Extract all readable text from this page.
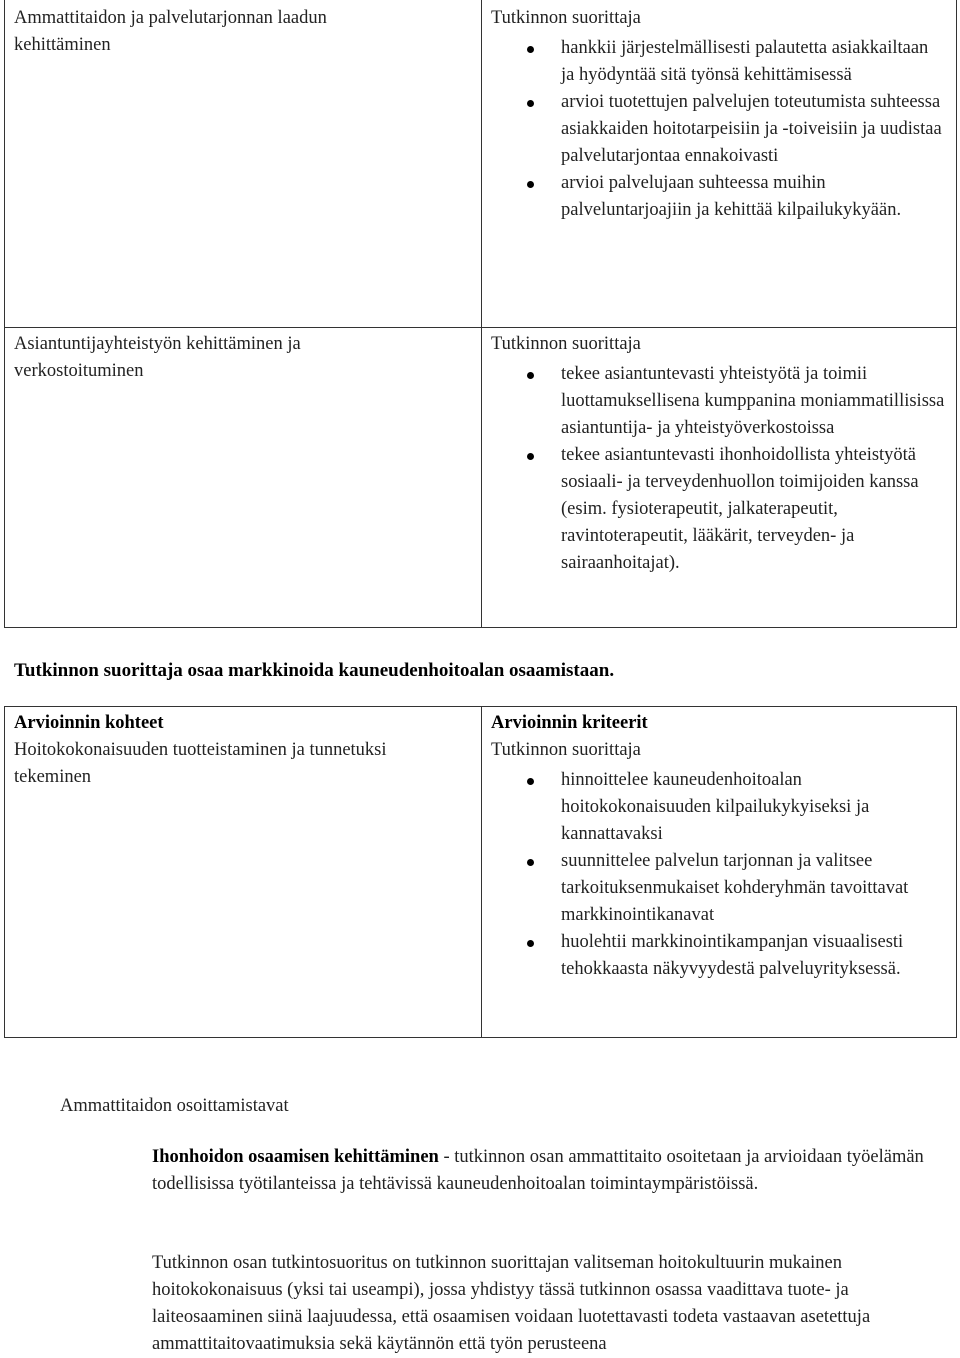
Ammattitaidon ja palvelutarjonnan laadun kehittäminen

Tutkinnon suorittaja

hankkii järjestelmällisesti palautetta asiakkailtaan ja hyödyntää sitä työnsä kehittämisessä
arvioi tuotettujen palvelujen toteutumista suhteessa asiakkaiden hoitotarpeisiin ja -toiveisiin ja uudistaa palvelutarjontaa ennakoivasti
arvioi palvelujaan suhteessa muihin palveluntarjoajiin ja kehittää kilpailukykyään.
Asiantuntijayhteistyön kehittäminen ja verkostoituminen

Tutkinnon suorittaja

tekee asiantuntevasti yhteistyötä ja toimii luottamuksellisena kumppanina moniammatillisissa asiantuntija- ja yhteistyöverkostoissa
tekee asiantuntevasti ihonhoidollista yhteistyötä sosiaali- ja terveydenhuollon toimijoiden kanssa (esim. fysioterapeutit, jalkaterapeutit, ravintoterapeutit, lääkärit, terveyden- ja sairaanhoitajat).
Tutkinnon suorittaja osaa markkinoida kauneudenhoitoalan osaamistaan.
Arvioinnin kohteet
Hoitokokonaisuuden tuotteistaminen ja tunnetuksi tekeminen
Arvioinnin kriteerit

Tutkinnon suorittaja

hinnoittelee kauneudenhoitoalan hoitokokonaisuuden kilpailukykyiseksi ja kannattavaksi
suunnittelee palvelun tarjonnan ja valitsee tarkoituksenmukaiset kohderyhmän tavoittavat markkinointikanavat
huolehtii markkinointikampanjan visuaalisesti tehokkaasta näkyvyydestä palveluyrityksessä.
Ammattitaidon osoittamistavat

Ihonhoidon osaamisen kehittäminen - tutkinnon osan ammattitaito osoitetaan ja arvioidaan työelämän todellisissa työtilanteissa ja tehtävissä kauneudenhoitoalan toimintaympäristöissä.

Tutkinnon osan tutkintosuoritus on tutkinnon suorittajan valitseman hoitokultuurin mukainen hoitokokonaisuus (yksi tai useampi), jossa yhdistyy tässä tutkinnon osassa vaadittava tuote- ja laiteosaaminen siinä laajuudessa, että osaamisen voidaan luotettavasti todeta vastaavan asetettuja ammattitaitovaatimuksia sekä käytännön että työn perusteena
